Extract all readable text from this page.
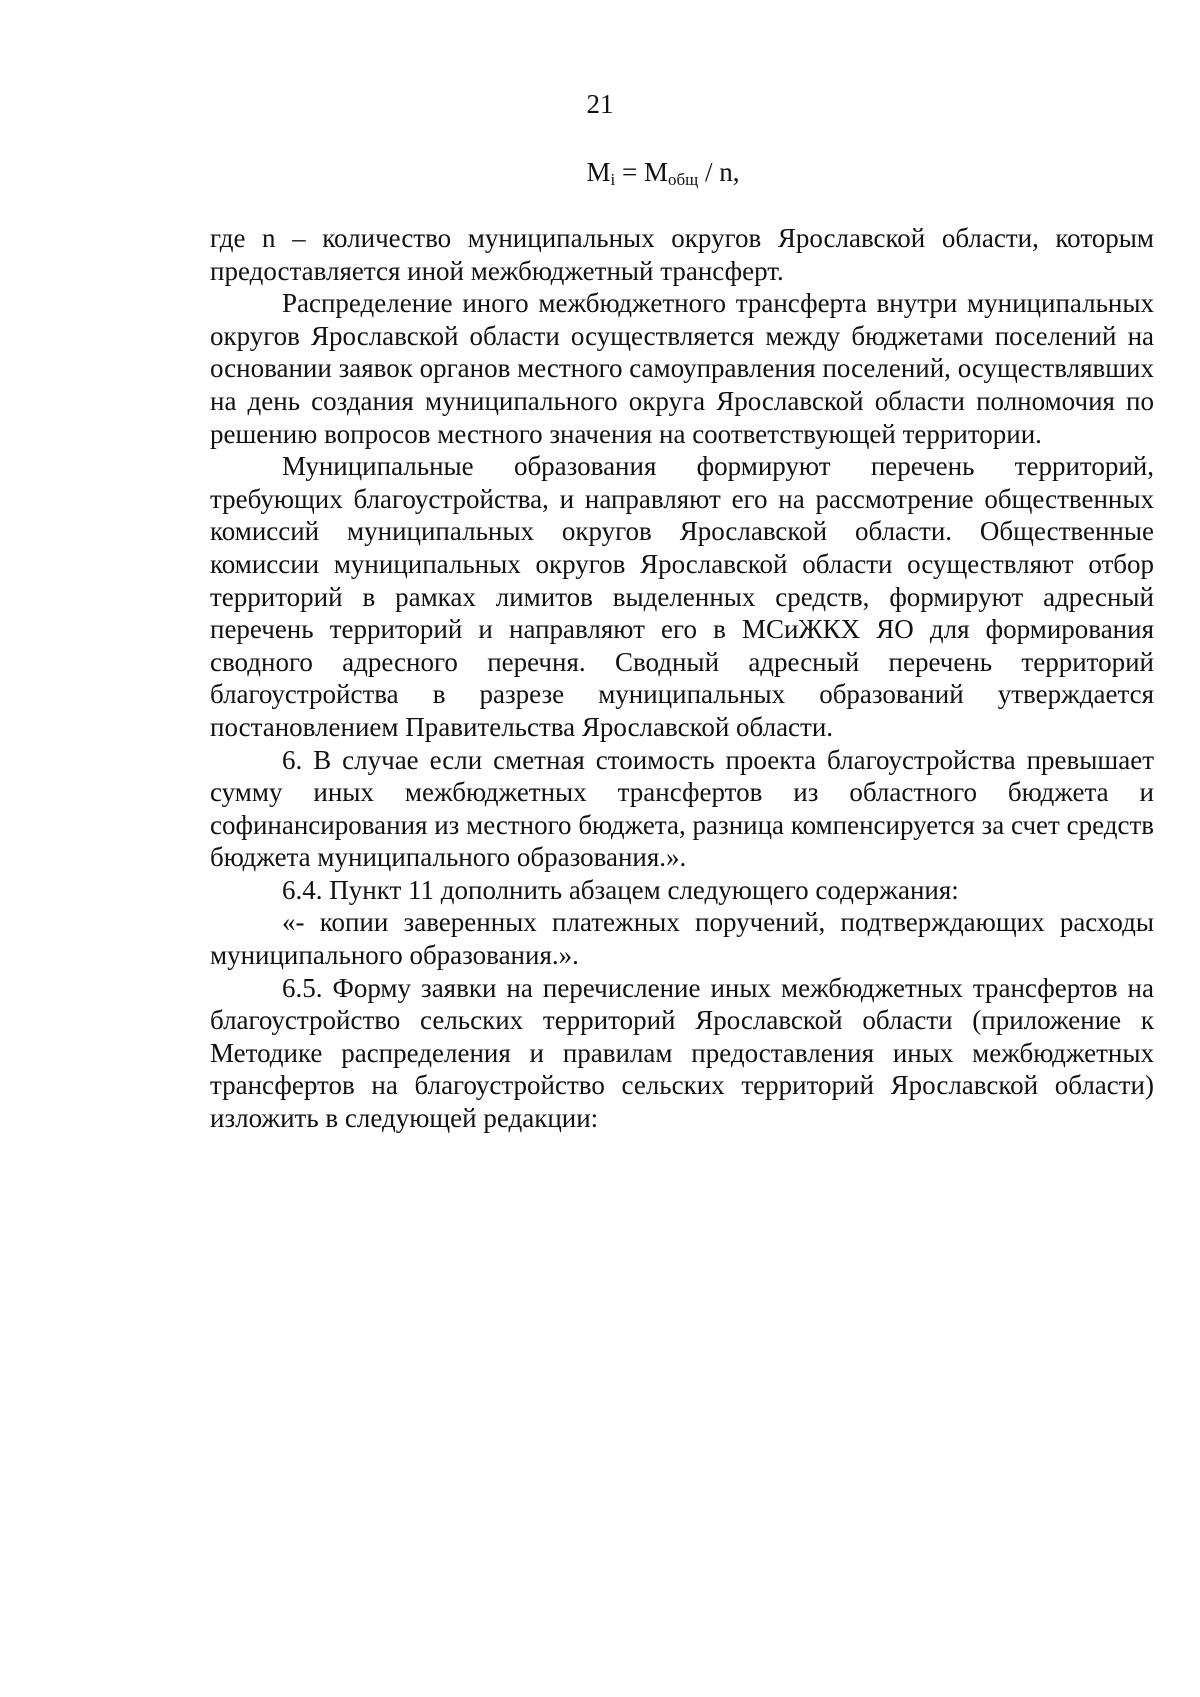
21
$M_i = M_{общ} / n$,

где n – количество муниципальных округов Ярославской области, которым предоставляется иной межбюджетный трансферт.

Распределение иного межбюджетного трансферта внутри муниципальных округов Ярославской области осуществляется между бюджетами поселений на основании заявок органов местного самоуправления поселений, осуществлявших на день создания муниципального округа Ярославской области полномочия по решению вопросов местного значения на соответствующей территории.

Муниципальные образования формируют перечень территорий, требующих благоустройства, и направляют его на рассмотрение общественных комиссий муниципальных округов Ярославской области. Общественные комиссии муниципальных округов Ярославской области осуществляют отбор территорий в рамках лимитов выделенных средств, формируют адресный перечень территорий и направляют его в МСиЖКХ ЯО для формирования сводного адресного перечня. Сводный адресный перечень территорий благоустройства в разрезе муниципальных образований утверждается постановлением Правительства Ярославской области.

6. В случае если сметная стоимость проекта благоустройства превышает сумму иных межбюджетных трансфертов из областного бюджета и софинансирования из местного бюджета, разница компенсируется за счет средств бюджета муниципального образования.».

6.4. Пункт 11 дополнить абзацем следующего содержания:

«- копии заверенных платежных поручений, подтверждающих расходы муниципального образования.».

6.5. Форму заявки на перечисление иных межбюджетных трансфертов на благоустройство сельских территорий Ярославской области (приложение к Методике распределения и правилам предоставления иных межбюджетных трансфертов на благоустройство сельских территорий Ярославской области) изложить в следующей редакции:
